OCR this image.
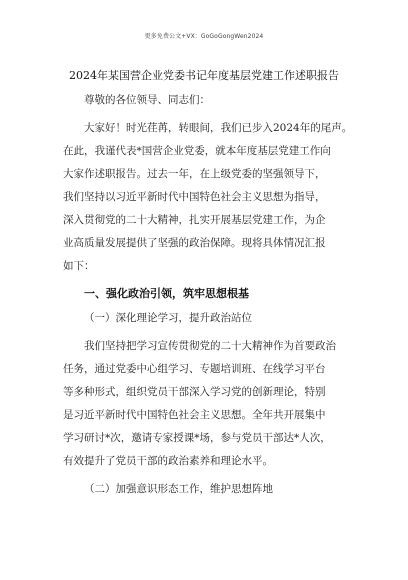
更多免费公文+VX：GoGoGongWen2024
2024年某国营企业党委书记年度基层党建工作述职报告
尊敬的各位领导、同志们：
大家好！时光荏苒，转眼间，我们已步入2024年的尾声。
在此，我谨代表*国营企业党委，就本年度基层党建工作向
大家作述职报告。过去一年，在上级党委的坚强领导下，
我们坚持以习近平新时代中国特色社会主义思想为指导，
深入贯彻党的二十大精神，扎实开展基层党建工作，为企
业高质量发展提供了坚强的政治保障。现将具体情况汇报
如下：
一、强化政治引领，筑牢思想根基
（一）深化理论学习，提升政治站位
我们坚持把学习宣传贯彻党的二十大精神作为首要政治
任务，通过党委中心组学习、专题培训班、在线学习平台
等多种形式，组织党员干部深入学习党的创新理论，特别
是习近平新时代中国特色社会主义思想。全年共开展集中
学习研讨*次，邀请专家授课*场，参与党员干部达*人次，
有效提升了党员干部的政治素养和理论水平。
（二）加强意识形态工作，维护思想阵地
